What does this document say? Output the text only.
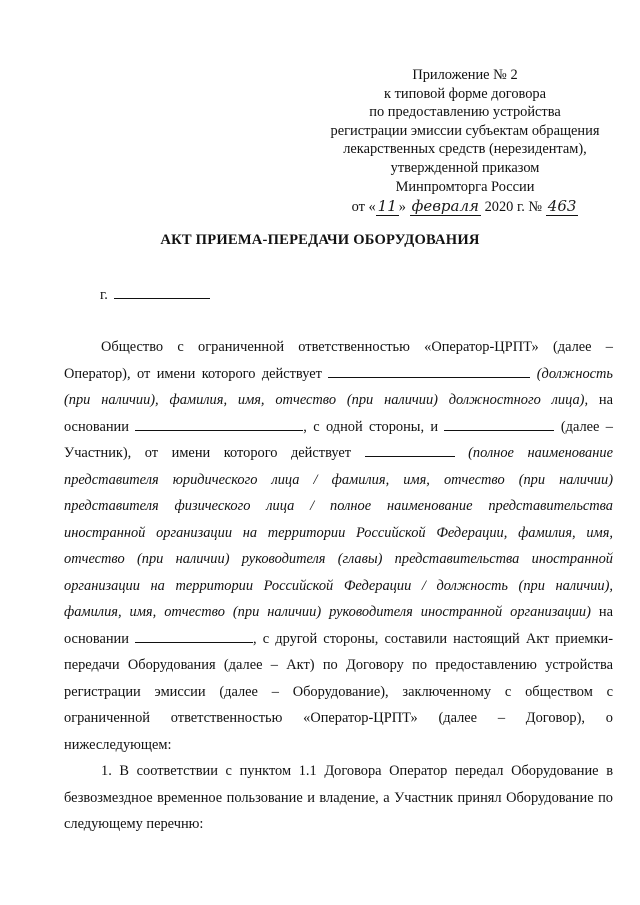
Приложение № 2
к типовой форме договора
по предоставлению устройства
регистрации эмиссии субъектам обращения
лекарственных средств (нерезидентам),
утвержденной приказом
Минпромторга России
от « 11 » февраля 2020 г. № 463
АКТ ПРИЕМА-ПЕРЕДАЧИ ОБОРУДОВАНИЯ
г.

Общество с ограниченной ответственностью «Оператор-ЦРПТ» (далее – Оператор), от имени которого действует	(должность (при наличии), фамилия, имя, отчество (при наличии) должностного лица), на основании	, с одной стороны, и	(далее – Участник), от имени которого действует	(полное наименование представителя юридического лица / фамилия, имя, отчество (при наличии) представителя физического лица / полное наименование представительства иностранной организации на территории Российской Федерации, фамилия, имя, отчество (при наличии) руководителя (главы) представительства иностранной организации на территории Российской Федерации / должность (при наличии), фамилия, имя, отчество (при наличии) руководителя иностранной организации) на основании	, с другой стороны, составили настоящий Акт приемки-передачи Оборудования (далее – Акт) по Договору по предоставлению устройства регистрации эмиссии (далее – Оборудование), заключенному с обществом с ограниченной ответственностью «Оператор-ЦРПТ» (далее – Договор), о нижеследующем:

1. В соответствии с пунктом 1.1 Договора Оператор передал Оборудование в безвозмездное временное пользование и владение, а Участник принял Оборудование по следующему перечню:
